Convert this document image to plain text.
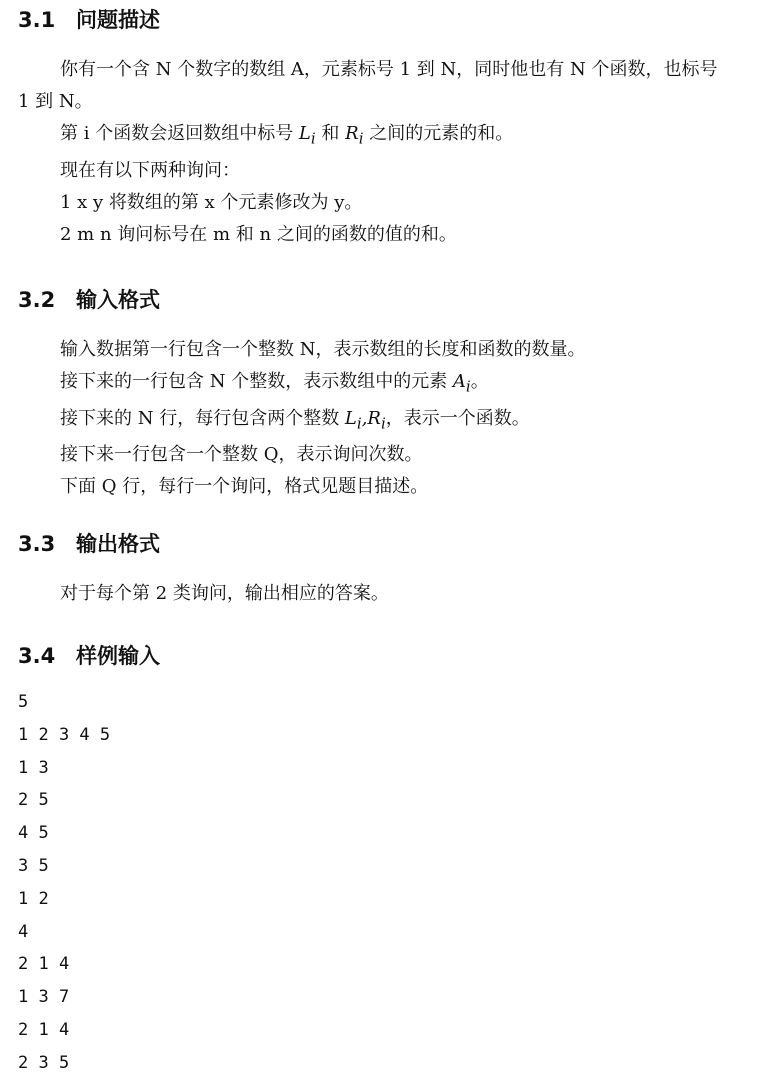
3.1 问题描述

你有一个含 N 个数字的数组 A，元素标号 1 到 N，同时他也有 N 个函数，也标号 1 到 N。

第 i 个函数会返回数组中标号 $L_i$ 和 $R_i$ 之间的元素的和。

现在有以下两种询问：

1 x y 将数组的第 x 个元素修改为 y。

2 m n 询问标号在 m 和 n 之间的函数的值的和。

3.2 输入格式

输入数据第一行包含一个整数 N，表示数组的长度和函数的数量。

接下来的一行包含 N 个整数，表示数组中的元素 $A_i$。

接下来的 N 行，每行包含两个整数 $L_i,R_i$，表示一个函数。

接下来一行包含一个整数 Q，表示询问次数。

下面 Q 行，每行一个询问，格式见题目描述。

3.3 输出格式

对于每个第 2 类询问，输出相应的答案。

3.4 样例输入

5

1 2 3 4 5

1 3

2 5

4 5

3 5

1 2

4

2 1 4

1 3 7

2 1 4

2 3 5
